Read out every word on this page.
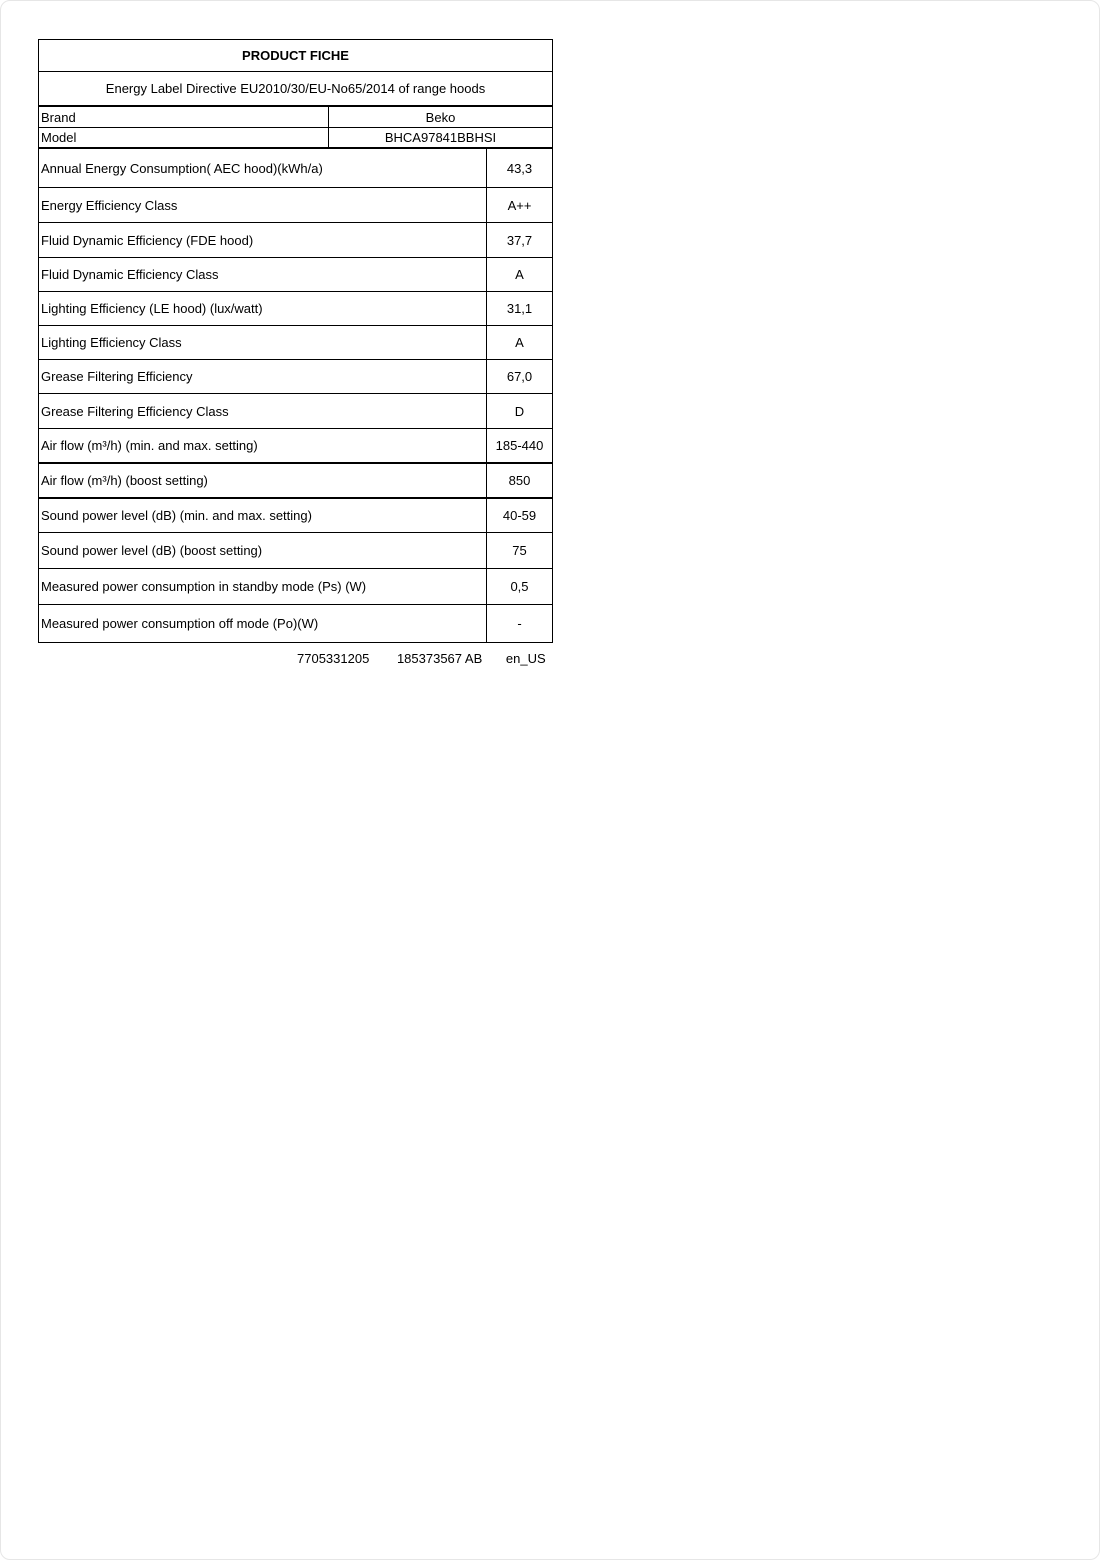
PRODUCT FICHE
Energy Label Directive EU2010/30/EU-No65/2014 of range hoods
Brand	Beko
Model	BHCA97841BBHSI
Annual Energy Consumption( AEC hood)(kWh/a)	43,3
Energy Efficiency Class	A++
Fluid Dynamic Efficiency (FDE hood)	37,7
Fluid Dynamic Efficiency Class	A
Lighting Efficiency (LE hood) (lux/watt)	31,1
Lighting Efficiency Class	A
Grease Filtering Efficiency	67,0
Grease Filtering Efficiency Class	D
Air flow (m³/h) (min. and max. setting)	185-440
Air flow (m³/h) (boost setting)	850
Sound power level (dB) (min. and max. setting)	40-59
Sound power level (dB) (boost setting)	75
Measured power consumption in standby mode (Ps) (W)	0,5
Measured power consumption off mode (Po)(W)	-
7705331205 185373567 AB en_US
